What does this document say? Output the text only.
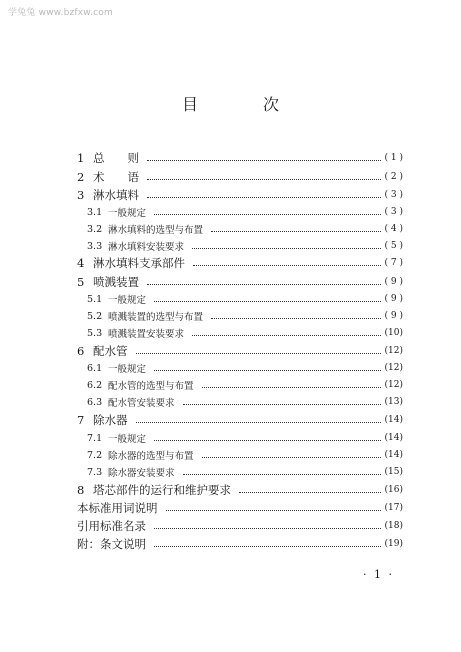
学兔兔 www.bzfxw.com
目 次
1 总　　则	( 1 )
2 术　　语	( 2 )
3 淋水填料	( 3 )
3.1 一般规定	( 3 )
3.2 淋水填料的选型与布置	( 4 )
3.3 淋水填料安装要求	( 5 )
4 淋水填料支承部件	( 7 )
5 喷溅装置	( 9 )
5.1 一般规定	( 9 )
5.2 喷溅装置的选型与布置	( 9 )
5.3 喷溅装置安装要求	(10)
6 配水管	(12)
6.1 一般规定	(12)
6.2 配水管的选型与布置	(12)
6.3 配水管安装要求	(13)
7 除水器	(14)
7.1 一般规定	(14)
7.2 除水器的选型与布置	(14)
7.3 除水器安装要求	(15)
8 塔芯部件的运行和维护要求	(16)
本标准用词说明	(17)
引用标准名录	(18)
附：条文说明	(19)
· 1 ·
